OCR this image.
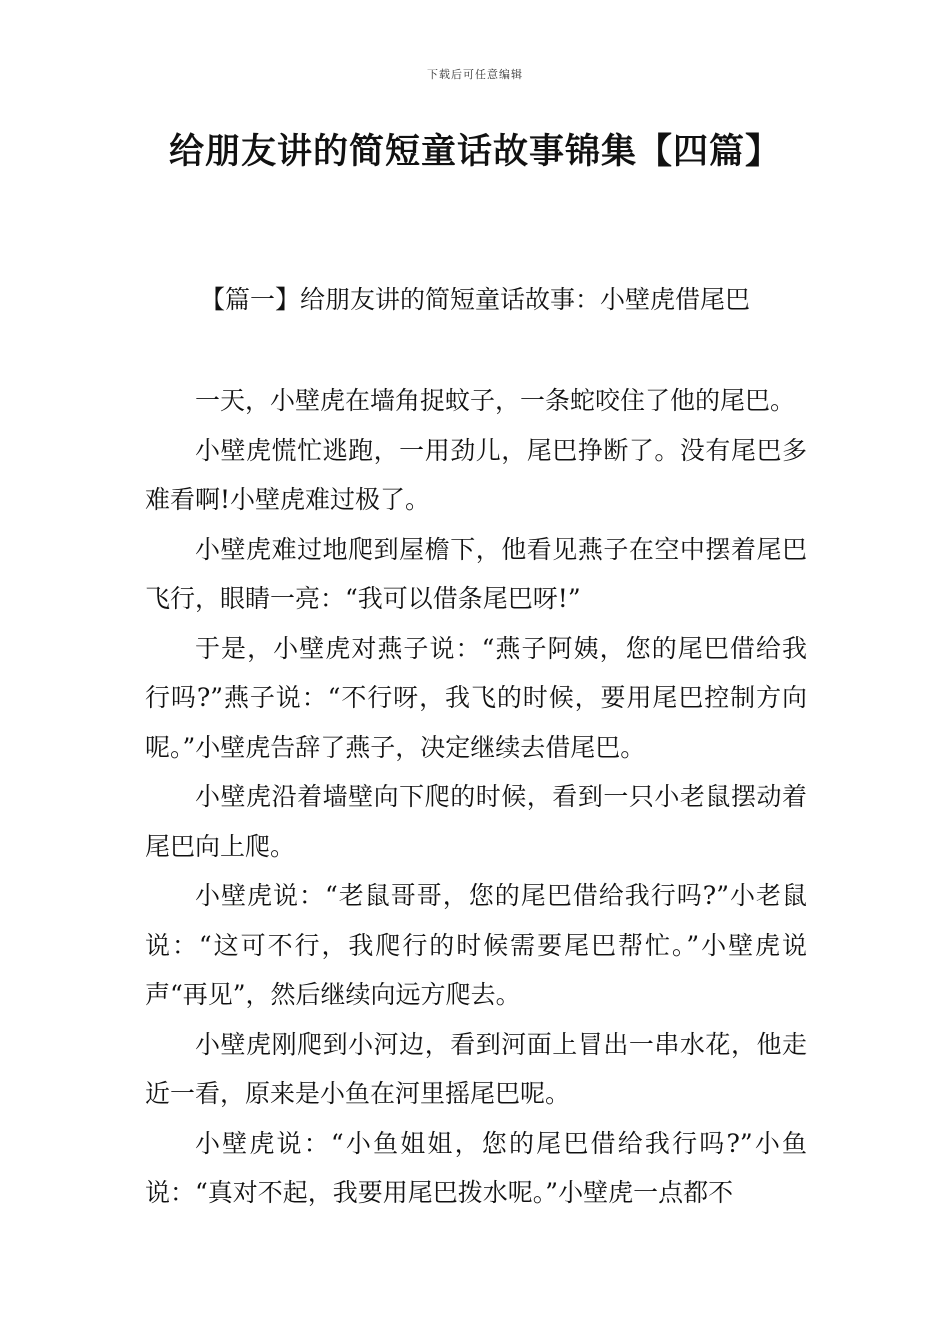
下载后可任意编辑
给朋友讲的简短童话故事锦集【四篇】
【篇一】给朋友讲的简短童话故事：小壁虎借尾巴

一天，小壁虎在墙角捉蚊子，一条蛇咬住了他的尾巴。

小壁虎慌忙逃跑，一用劲儿，尾巴挣断了。没有尾巴多难看啊!小壁虎难过极了。

小壁虎难过地爬到屋檐下，他看见燕子在空中摆着尾巴飞行，眼睛一亮：“我可以借条尾巴呀!”

于是，小壁虎对燕子说：“燕子阿姨，您的尾巴借给我行吗?”燕子说：“不行呀，我飞的时候，要用尾巴控制方向呢。”小壁虎告辞了燕子，决定继续去借尾巴。

小壁虎沿着墙壁向下爬的时候，看到一只小老鼠摆动着尾巴向上爬。

小壁虎说：“老鼠哥哥，您的尾巴借给我行吗?”小老鼠说：“这可不行，我爬行的时候需要尾巴帮忙。”小壁虎说声“再见”，然后继续向远方爬去。

小壁虎刚爬到小河边，看到河面上冒出一串水花，他走近一看，原来是小鱼在河里摇尾巴呢。

小壁虎说：“小鱼姐姐，您的尾巴借给我行吗?”小鱼说：“真对不起，我要用尾巴拨水呢。”小壁虎一点都不
